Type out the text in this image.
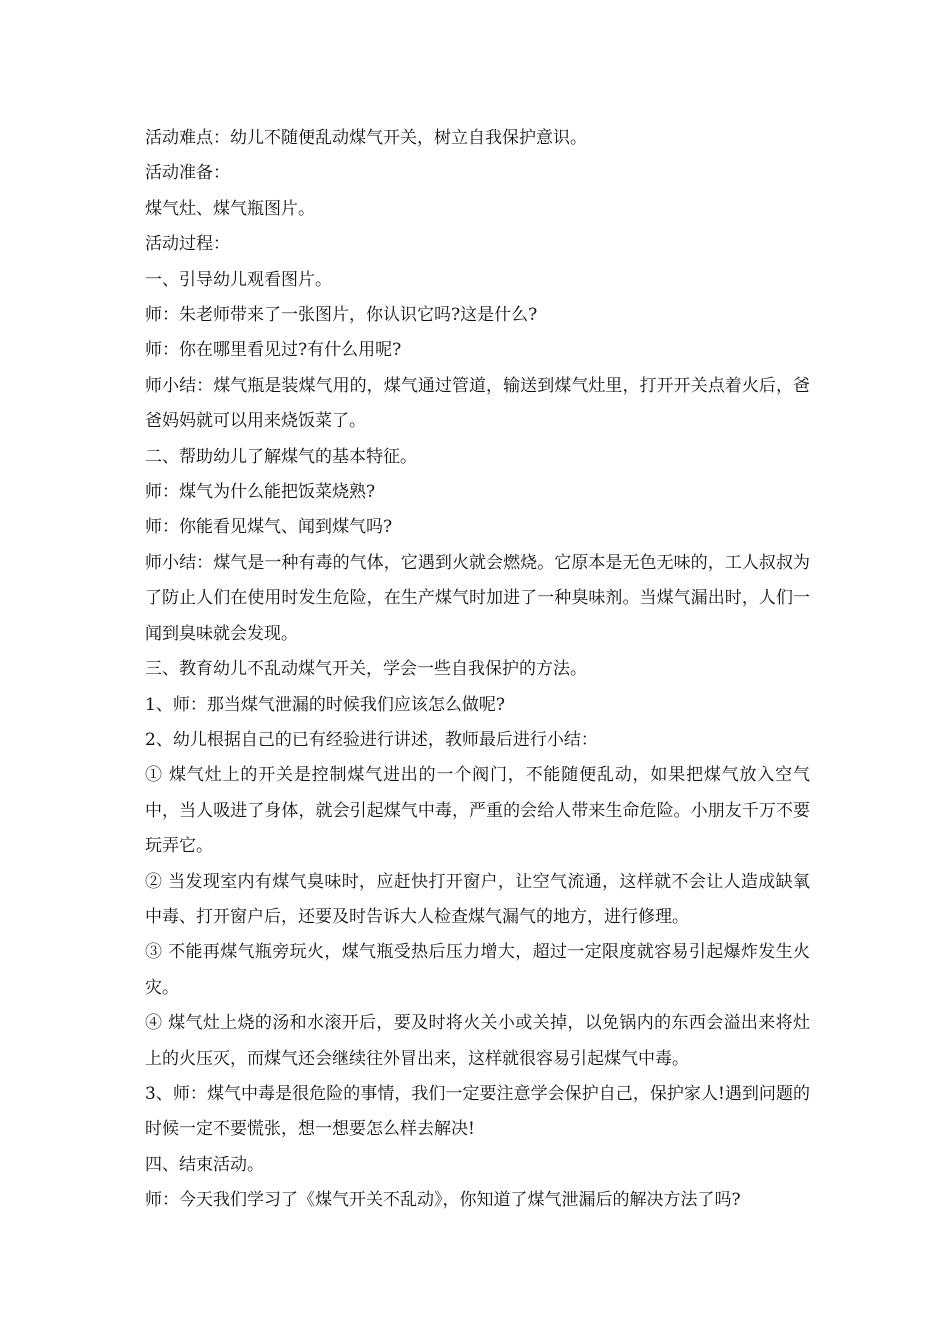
活动难点：幼儿不随便乱动煤气开关，树立自我保护意识。

活动准备：

煤气灶、煤气瓶图片。

活动过程：

一、引导幼儿观看图片。

师：朱老师带来了一张图片，你认识它吗?这是什么?

师：你在哪里看见过?有什么用呢?

师小结：煤气瓶是装煤气用的，煤气通过管道，输送到煤气灶里，打开开关点着火后，爸爸妈妈就可以用来烧饭菜了。

二、帮助幼儿了解煤气的基本特征。

师：煤气为什么能把饭菜烧熟?

师：你能看见煤气、闻到煤气吗?

师小结：煤气是一种有毒的气体，它遇到火就会燃烧。它原本是无色无味的，工人叔叔为了防止人们在使用时发生危险，在生产煤气时加进了一种臭味剂。当煤气漏出时，人们一闻到臭味就会发现。

三、教育幼儿不乱动煤气开关，学会一些自我保护的方法。

1、师：那当煤气泄漏的时候我们应该怎么做呢?

2、幼儿根据自己的已有经验进行讲述，教师最后进行小结：

① 煤气灶上的开关是控制煤气进出的一个阀门，不能随便乱动，如果把煤气放入空气中，当人吸进了身体，就会引起煤气中毒，严重的会给人带来生命危险。小朋友千万不要玩弄它。

② 当发现室内有煤气臭味时，应赶快打开窗户，让空气流通，这样就不会让人造成缺氧中毒、打开窗户后，还要及时告诉大人检查煤气漏气的地方，进行修理。

③ 不能再煤气瓶旁玩火，煤气瓶受热后压力增大，超过一定限度就容易引起爆炸发生火灾。

④ 煤气灶上烧的汤和水滚开后，要及时将火关小或关掉，以免锅内的东西会溢出来将灶上的火压灭，而煤气还会继续往外冒出来，这样就很容易引起煤气中毒。

3、师：煤气中毒是很危险的事情，我们一定要注意学会保护自己，保护家人!遇到问题的时候一定不要慌张，想一想要怎么样去解决!

四、结束活动。

师：今天我们学习了《煤气开关不乱动》，你知道了煤气泄漏后的解决方法了吗?
